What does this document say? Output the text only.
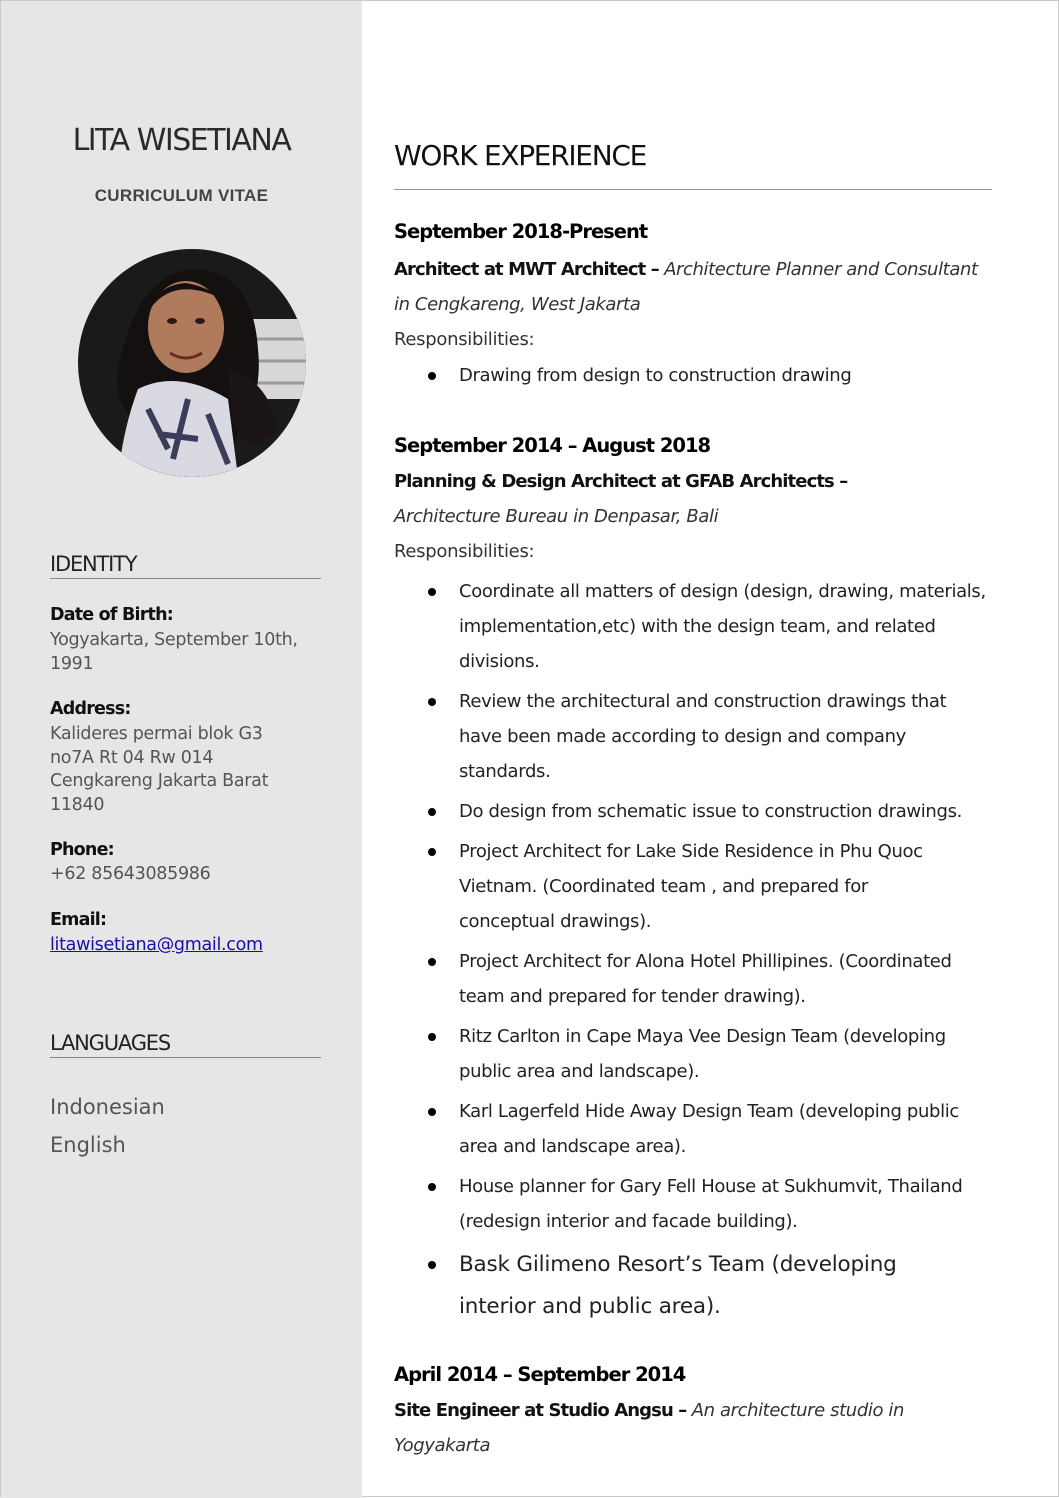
LITA WISETIANA
CURRICULUM VITAE
IDENTITY
Date of Birth:
Yogyakarta, September 10th, 1991
Address:
Kalideres permai blok G3 no7A Rt 04 Rw 014 Cengkareng Jakarta Barat 11840
Phone:
+62 85643085986
Email:
litawisetiana@gmail.com
LANGUAGES
Indonesian
English
WORK EXPERIENCE
September 2018-Present
Architect at MWT Architect – Architecture Planner and Consultant in Cengkareng, West Jakarta
Responsibilities:
Drawing from design to construction drawing
September 2014 – August 2018
Planning & Design Architect at GFAB Architects – Architecture Bureau in Denpasar, Bali
Responsibilities:
Coordinate all matters of design (design, drawing, materials, implementation,etc) with the design team, and related divisions.
Review the architectural and construction drawings that have been made according to design and company standards.
Do design from schematic issue to construction drawings.
Project Architect for Lake Side Residence in Phu Quoc Vietnam. (Coordinated team , and prepared for conceptual drawings).
Project Architect for Alona Hotel Phillipines. (Coordinated team and prepared for tender drawing).
Ritz Carlton in Cape Maya Vee Design Team (developing public area and landscape).
Karl Lagerfeld Hide Away Design Team (developing public area and landscape area).
House planner for Gary Fell House at Sukhumvit, Thailand (redesign interior and facade building).
Bask Gilimeno Resort’s Team (developing interior and public area).
April 2014 – September 2014
Site Engineer at Studio Angsu – An architecture studio in Yogyakarta
